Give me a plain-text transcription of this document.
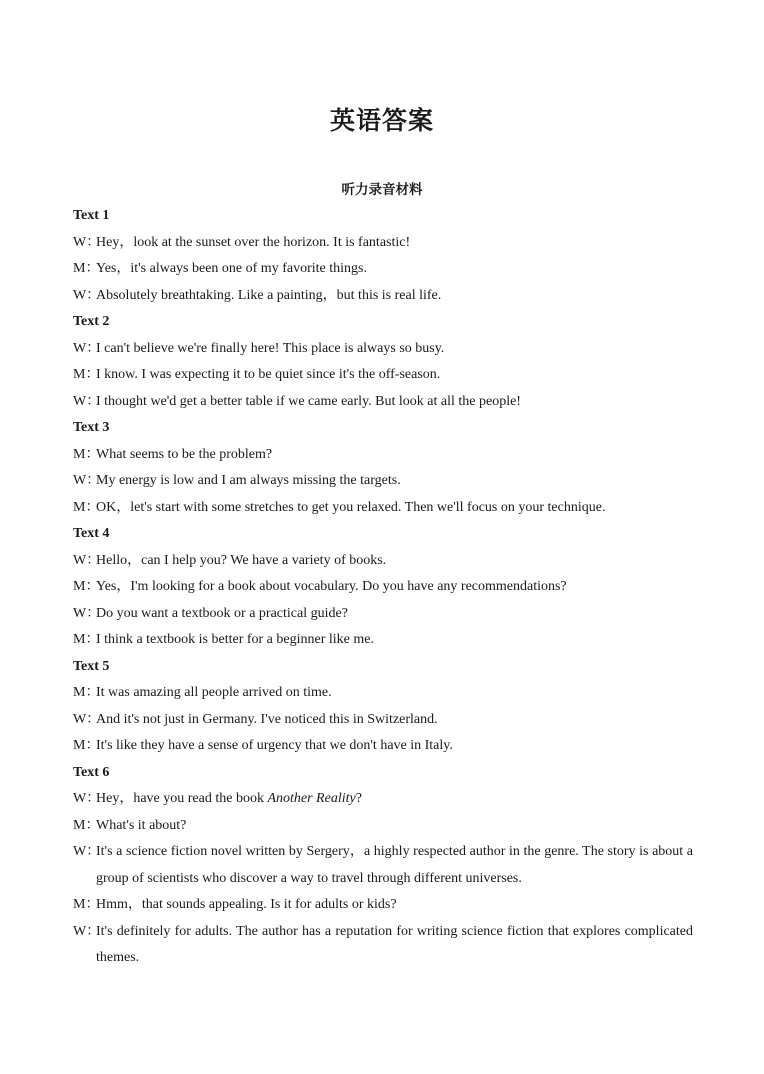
英语答案
听力录音材料
Text 1
W：
Hey，look at the sunset over the horizon. It is fantastic!
M：
Yes，it's always been one of my favorite things.
W：
Absolutely breathtaking. Like a painting，but this is real life.
Text 2
W：
I can't believe we're finally here! This place is always so busy.
M：
I know. I was expecting it to be quiet since it's the off-season.
W：
I thought we'd get a better table if we came early. But look at all the people!
Text 3
M：
What seems to be the problem?
W：
My energy is low and I am always missing the targets.
M：
OK，let's start with some stretches to get you relaxed. Then we'll focus on your technique.
Text 4
W：
Hello，can I help you? We have a variety of books.
M：
Yes，I'm looking for a book about vocabulary. Do you have any recommendations?
W：
Do you want a textbook or a practical guide?
M：
I think a textbook is better for a beginner like me.
Text 5
M：
It was amazing all people arrived on time.
W：
And it's not just in Germany. I've noticed this in Switzerland.
M：
It's like they have a sense of urgency that we don't have in Italy.
Text 6
W：
Hey，have you read the book Another Reality?
M：
What's it about?
W：
It's a science fiction novel written by Sergery，a highly respected author in the genre. The story is about a group of scientists who discover a way to travel through different universes.
M：
Hmm，that sounds appealing. Is it for adults or kids?
W：
It's definitely for adults. The author has a reputation for writing science fiction that explores complicated themes.
